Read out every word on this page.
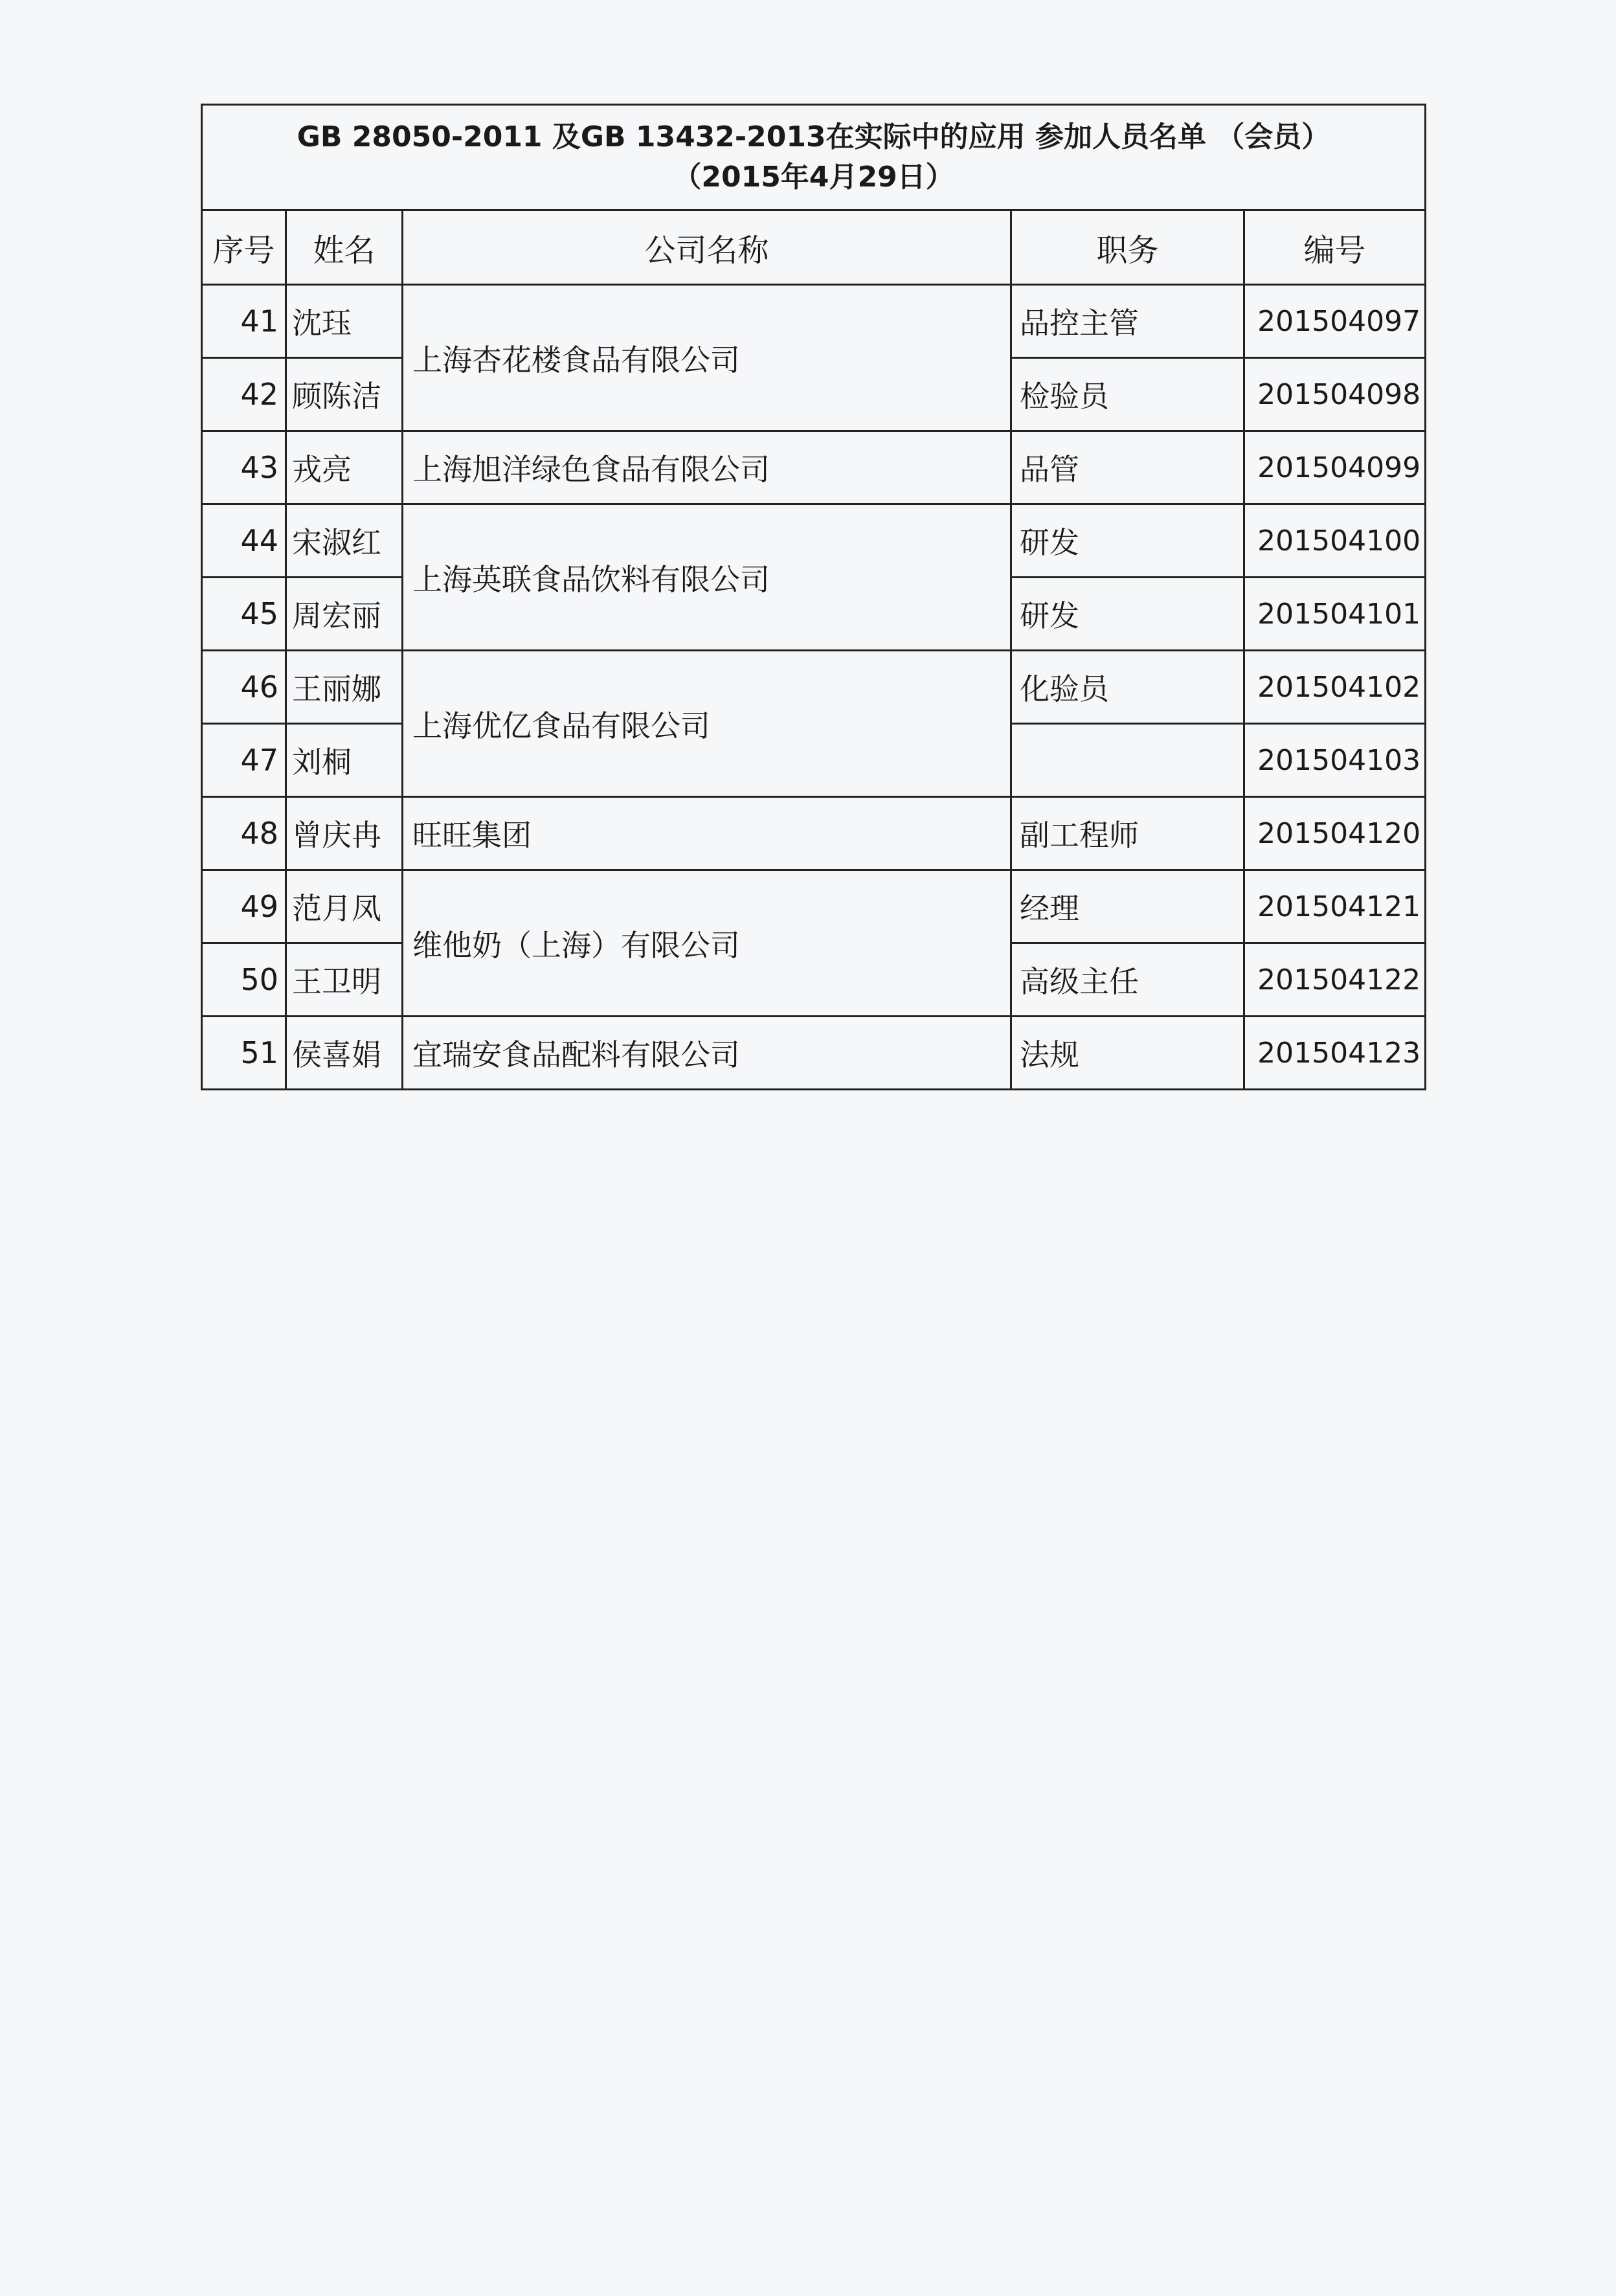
GB 28050-2011 及GB 13432-2013在实际中的应用 参加人员名单 （会员）
（2015年4月29日）				

序号	姓名	公司名称	职务	编号
41	沈珏	上海杏花楼食品有限公司	品控主管	201504097
42	顾陈洁		检验员	201504098
43	戎亮	上海旭洋绿色食品有限公司	品管	201504099
44	宋淑红	上海英联食品饮料有限公司	研发	201504100
45	周宏丽		研发	201504101
46	王丽娜	上海优亿食品有限公司	化验员	201504102
47	刘桐			201504103
48	曾庆冉	旺旺集团	副工程师	201504120
49	范月凤	维他奶（上海）有限公司	经理	201504121
50	王卫明		高级主任	201504122
51	侯喜娟	宜瑞安食品配料有限公司	法规	201504123
